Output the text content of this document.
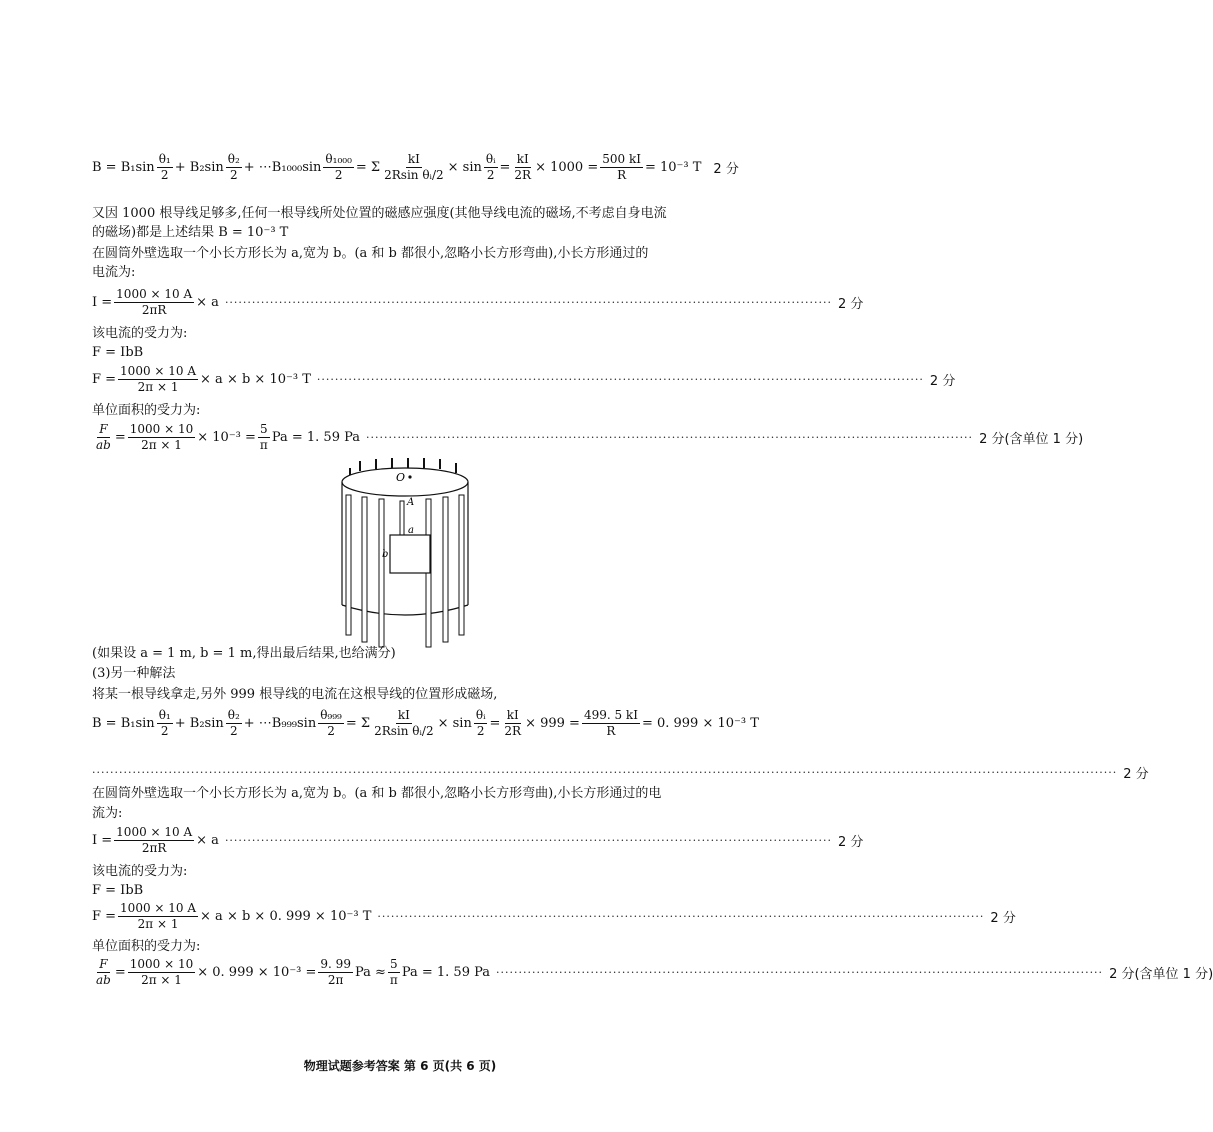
$B = B_1\sin \frac{\text{θ₁}}{2} + B_2\sin \frac{\text{θ₂}}{2}$ + ⋯B₁₀₀₀sin $\frac{\text{θ₁₀₀₀}}{2} = \Sigma \frac{kI}{\text{2Rsin θᵢ/2}} \times \sin \frac{\text{θᵢ}}{2} = \frac{kI}{2R} \times 1000 = \frac{500 kI}{R} = 10^{-3}$ T 2 分
又因 1000 根导线足够多,任何一根导线所处位置的磁感应强度(其他导线电流的磁场,不考虑自身电流
的磁场)都是上述结果 B = 10⁻³ T
在圆筒外壁选取一个小长方形长为 a,宽为 b。(a 和 b 都很小,忽略小长方形弯曲),小长方形通过的
电流为:
$I = \frac{1000 \times 10 A}{2\pi R} \times a$ ······································································································································· 2 分
该电流的受力为:
F = IbB
$F = \frac{1000 \times 10 A}{2\pi \times 1} \times a \times b \times 10^{-3}$ T ······································································································································· 2 分
单位面积的受力为:
$\frac{F}{ab} = \frac{1000 \times 10}{2\pi \times 1} \times 10^{-3} = \frac{5}{\pi}$ Pa = 1. 59 Pa ······································································································································· 2 分(含单位 1 分)
O
A
a
b
(如果设 a = 1 m, b = 1 m,得出最后结果,也给满分)
(3)另一种解法
将某一根导线拿走,另外 999 根导线的电流在这根导线的位置形成磁场,
$B = B_1\sin \frac{\text{θ₁}}{2} + B_2\sin \frac{\text{θ₂}}{2}$ + ⋯B₉₉₉sin $\frac{\text{θ₉₉₉}}{2} = \Sigma \frac{kI}{\text{2Rsin θᵢ/2}} \times \sin \frac{\text{θᵢ}}{2} = \frac{kI}{2R} \times 999 = \frac{499. 5 kI}{R} = 0$. 999 × 10⁻³ T
···································································································································································································································· 2 分
在圆筒外壁选取一个小长方形长为 a,宽为 b。(a 和 b 都很小,忽略小长方形弯曲),小长方形通过的电
流为:
$I = \frac{1000 \times 10 A}{2\pi R} \times a$ ······································································································································· 2 分
该电流的受力为:
F = IbB
$F = \frac{1000 \times 10 A}{2\pi \times 1} \times a \times b \times 0$. 999 × 10⁻³ T ······································································································································· 2 分
单位面积的受力为:
$\frac{F}{ab} = \frac{1000 \times 10}{2\pi \times 1} \times 0$. $999 \times 10^{-3} = \frac{9. 99}{2\pi}$ $Pa \approx \frac{5}{\pi}$ Pa = 1. 59 Pa ······································································································································· 2 分(含单位 1 分)
物理试题参考答案 第 6 页(共 6 页)
